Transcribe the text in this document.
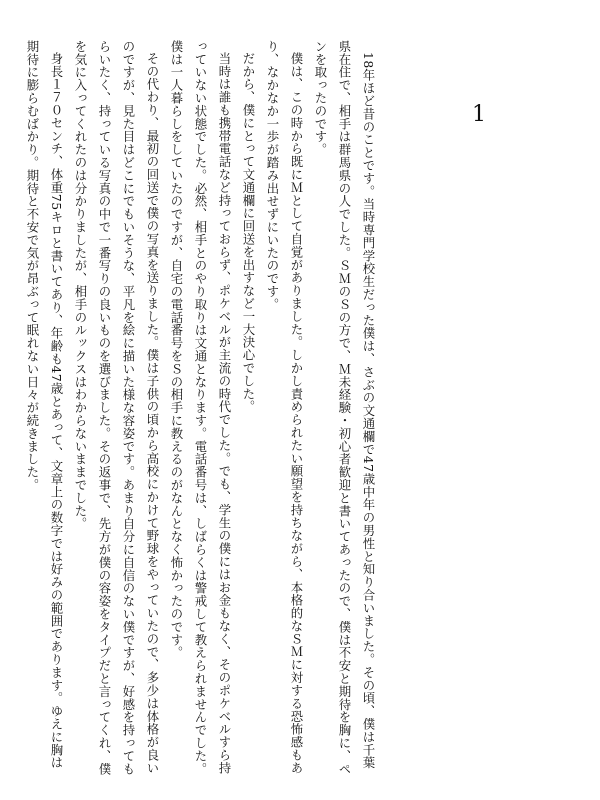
1

18年ほど昔のことです。当時専門学校生だった僕は、さぶの文通欄で47歳中年の男性と知り合いました。その頃、僕は千葉県在住で、相手は群馬県の人でした。ＳＭのＳの方で、Ｍ未経験・初心者歓迎と書いてあったので、僕は不安と期待を胸に、ペンを取ったのです。

僕は、この時から既にＭとして自覚がありました。しかし責められたい願望を持ちながら、本格的なＳＭに対する恐怖感もあり、なかなか一歩が踏み出せずにいたのです。

だから、僕にとって文通欄に回送を出すなど一大決心でした。

当時は誰も携帯電話など持っておらず、ポケベルが主流の時代でした。でも、学生の僕にはお金もなく、そのポケベルすら持っていない状態でした。必然、相手とのやり取りは文通となります。電話番号は、しばらくは警戒して教えられませんでした。僕は一人暮らしをしていたのですが、自宅の電話番号をＳの相手に教えるのがなんとなく怖かったのです。

その代わり、最初の回送で僕の写真を送りました。僕は子供の頃から高校にかけて野球をやっていたので、多少は体格が良いのですが、見た目はどこにでもいそうな、平凡を絵に描いた様な容姿です。あまり自分に自信のない僕ですが、好感を持ってもらいたく、持っている写真の中で一番写りの良いものを選びました。その返事で、先方が僕の容姿をタイプだと言ってくれ、僕を気に入ってくれたのは分かりましたが、相手のルックスはわからないままでした。

身長１７０センチ、体重75キロと書いてあり、年齢も47歳とあって、文章上の数字では好みの範囲であります。ゆえに胸は期待に膨らむばかり。期待と不安で気が昂ぶって眠れない日々が続きました。
